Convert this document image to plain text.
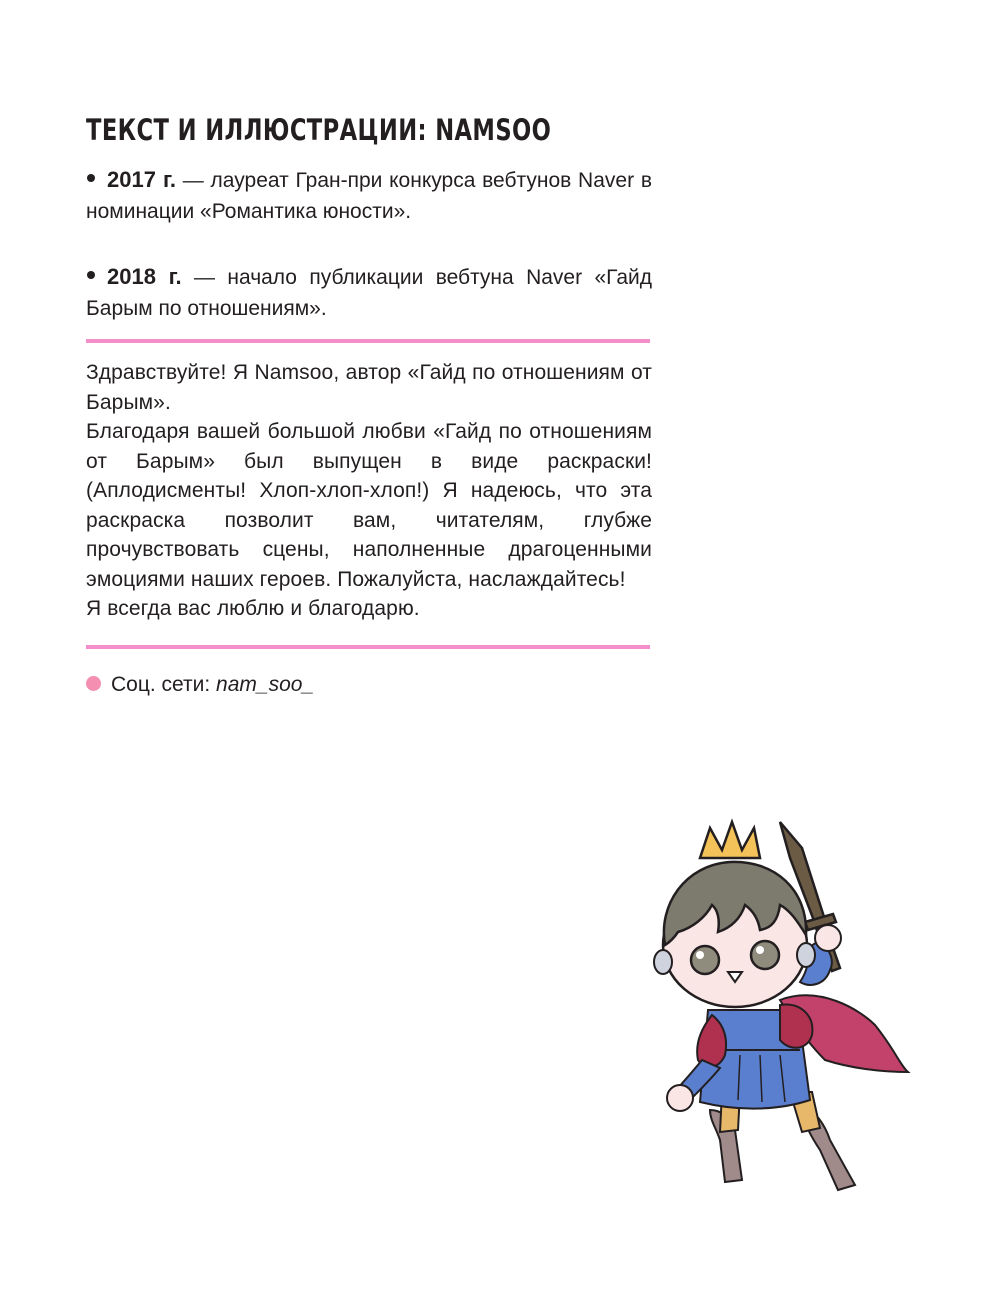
ТЕКСТ И ИЛЛЮСТРАЦИИ: NAMSOO
2017 г. — лауреат Гран-при конкурса вебтунов Naver в номинации «Романтика юности».
2018 г. — начало публикации вебтуна Naver «Гайд Барым по отношениям».
Здравствуйте! Я Namsoo, автор «Гайд по отношениям от Барым».
Благодаря вашей большой любви «Гайд по отношениям от Барым» был выпущен в виде раскраски! (Аплодисменты! Хлоп-хлоп-хлоп!) Я надеюсь, что эта раскраска позволит вам, читателям, глубже прочувствовать сцены, наполненные драгоценными эмоциями наших героев. Пожалуйста, наслаждайтесь!
Я всегда вас люблю и благодарю.
Соц. сети: nam_soo_
